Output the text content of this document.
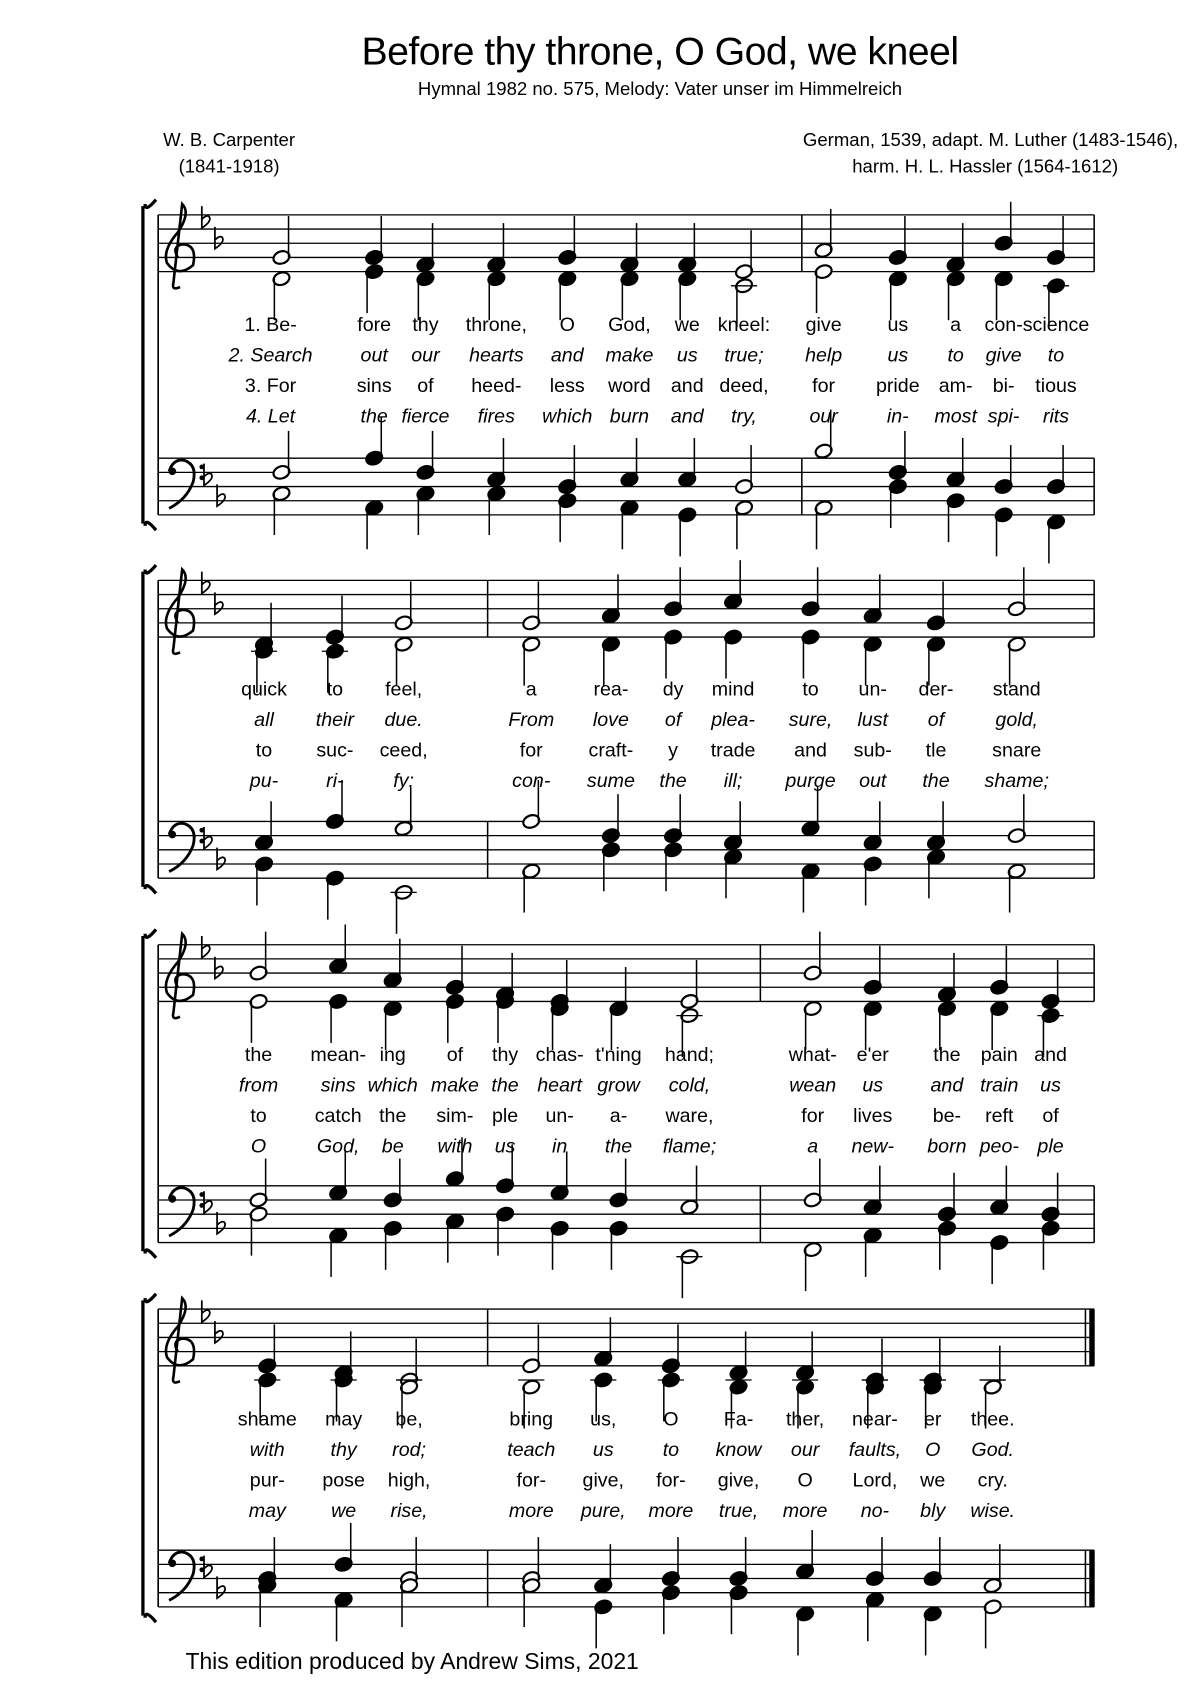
Before thy throne, O God, we kneel
Hymnal 1982 no. 575, Melody: Vater unser im Himmelreich
W. B. Carpenter
(1841-1918)
German, 1539, adapt. M. Luther (1483-1546),
harm. H. L. Hassler (1564-1612)
1. Be-	fore thy throne, O God, we kneel: give	us a con- science
2. Search	out our hearts and make us true; help	us to give to
3. For	sins of heed- less word and deed, for pride am- bi- tious
4. Let	the fierce fires which burn and try,	our	in- most spi- rits
quick to feel,	a	rea- dy mind	to un- der- stand
all their due.	From love of plea- sure, lust of	gold,
to suc- ceed,	for	craft- y trade and sub- tle	snare
pu-	ri-	fy:	con- sume the ill; purge out the shame;
the mean- ing of thy chas- t'ning hand;	what- e'er the pain and
from sins which make the heart grow cold,	wean us	and train us
to	catch the sim- ple un- a- ware,	for lives be- reft of
O	God, be with us in the flame;	a new- born peo- ple
shame may be,	bring us,	O	Fa- ther, near- er thee.
with	thy rod;	teach us	to know our faults, O God.
pur- pose high,	for- give, for- give, O Lord, we cry.
may	we rise,	more pure, more true, more no- bly wise.
This edition produced by Andrew Sims, 2021
